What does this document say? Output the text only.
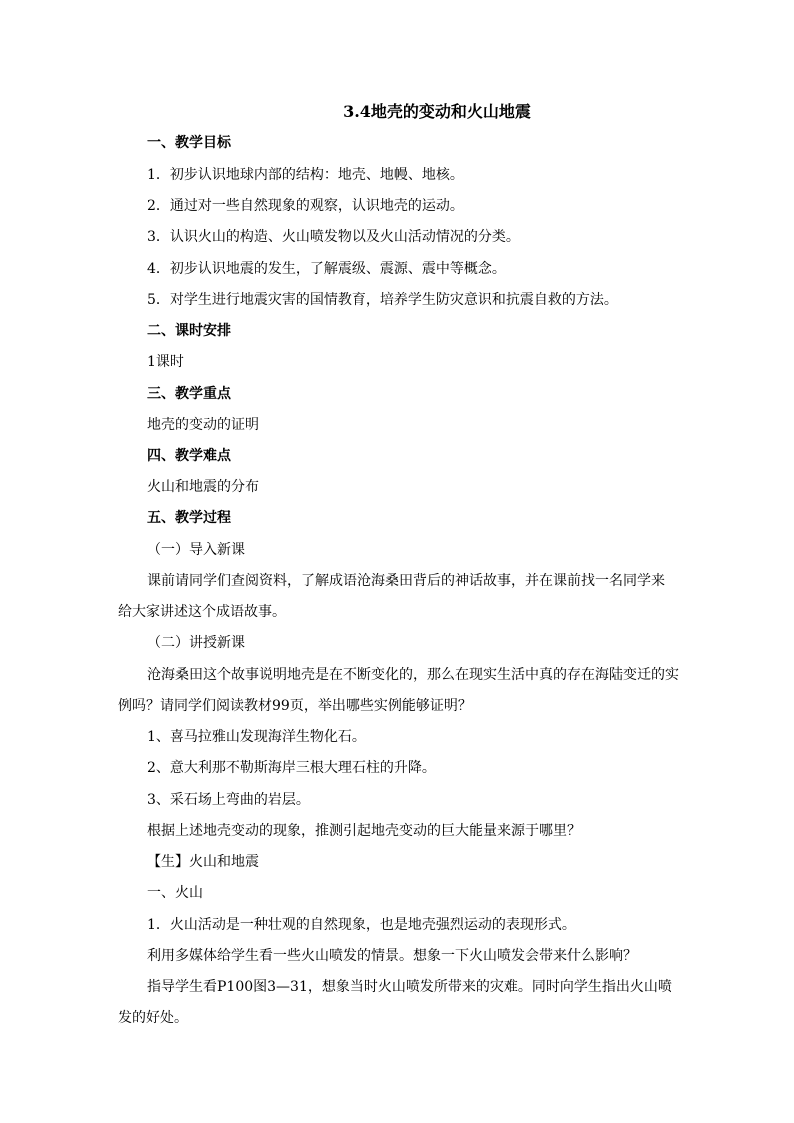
3.4地壳的变动和火山地震

一、教学目标

1．初步认识地球内部的结构：地壳、地幔、地核。

2．通过对一些自然现象的观察，认识地壳的运动。

3．认识火山的构造、火山喷发物以及火山活动情况的分类。

4．初步认识地震的发生，了解震级、震源、震中等概念。

5．对学生进行地震灾害的国情教育，培养学生防灾意识和抗震自救的方法。

二、课时安排

1课时

三、教学重点

地壳的变动的证明

四、教学难点

火山和地震的分布

五、教学过程

（一）导入新课

课前请同学们查阅资料，了解成语沧海桑田背后的神话故事，并在课前找一名同学来

给大家讲述这个成语故事。

（二）讲授新课

沧海桑田这个故事说明地壳是在不断变化的，那么在现实生活中真的存在海陆变迁的实

例吗？请同学们阅读教材99页，举出哪些实例能够证明？

1、喜马拉雅山发现海洋生物化石。

2、意大利那不勒斯海岸三根大理石柱的升降。

3、采石场上弯曲的岩层。

根据上述地壳变动的现象，推测引起地壳变动的巨大能量来源于哪里？

【生】火山和地震

一、火山

1．火山活动是一种壮观的自然现象，也是地壳强烈运动的表现形式。

利用多媒体给学生看一些火山喷发的情景。想象一下火山喷发会带来什么影响？

指导学生看P100图3—31，想象当时火山喷发所带来的灾难。同时向学生指出火山喷

发的好处。
